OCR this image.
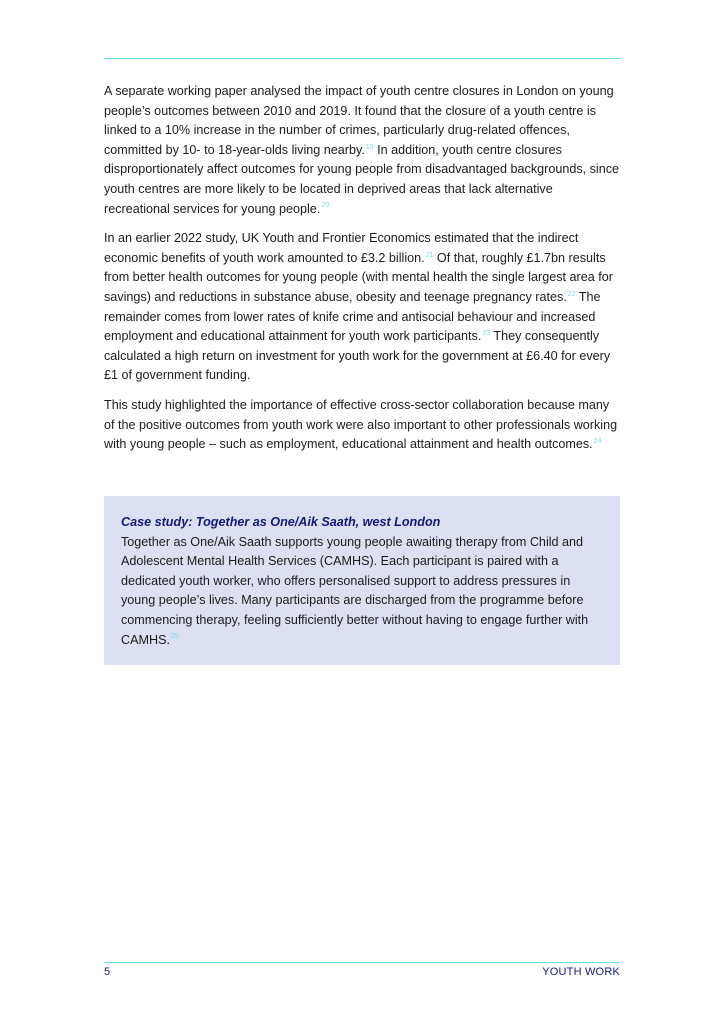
A separate working paper analysed the impact of youth centre closures in London on young people’s outcomes between 2010 and 2019. It found that the closure of a youth centre is linked to a 10% increase in the number of crimes, particularly drug-related offences, committed by 10- to 18-year-olds living nearby.$^{19}$ In addition, youth centre closures disproportionately affect outcomes for young people from disadvantaged backgrounds, since youth centres are more likely to be located in deprived areas that lack alternative recreational services for young people.$^{20}$

In an earlier 2022 study, UK Youth and Frontier Economics estimated that the indirect economic benefits of youth work amounted to £3.2 billion.$^{21}$ Of that, roughly £1.7bn results from better health outcomes for young people (with mental health the single largest area for savings) and reductions in substance abuse, obesity and teenage pregnancy rates.$^{22}$ The remainder comes from lower rates of knife crime and antisocial behaviour and increased employment and educational attainment for youth work participants.$^{23}$ They consequently calculated a high return on investment for youth work for the government at £6.40 for every £1 of government funding.

This study highlighted the importance of effective cross-sector collaboration because many of the positive outcomes from youth work were also important to other professionals working with young people – such as employment, educational attainment and health outcomes.$^{24}$

Case study: Together as One/Aik Saath, west London

Together as One/Aik Saath supports young people awaiting therapy from Child and Adolescent Mental Health Services (CAMHS). Each participant is paired with a dedicated youth worker, who offers personalised support to address pressures in young people’s lives. Many participants are discharged from the programme before commencing therapy, feeling sufficiently better without having to engage further with CAMHS.$^{25}$

5	YOUTH WORK
